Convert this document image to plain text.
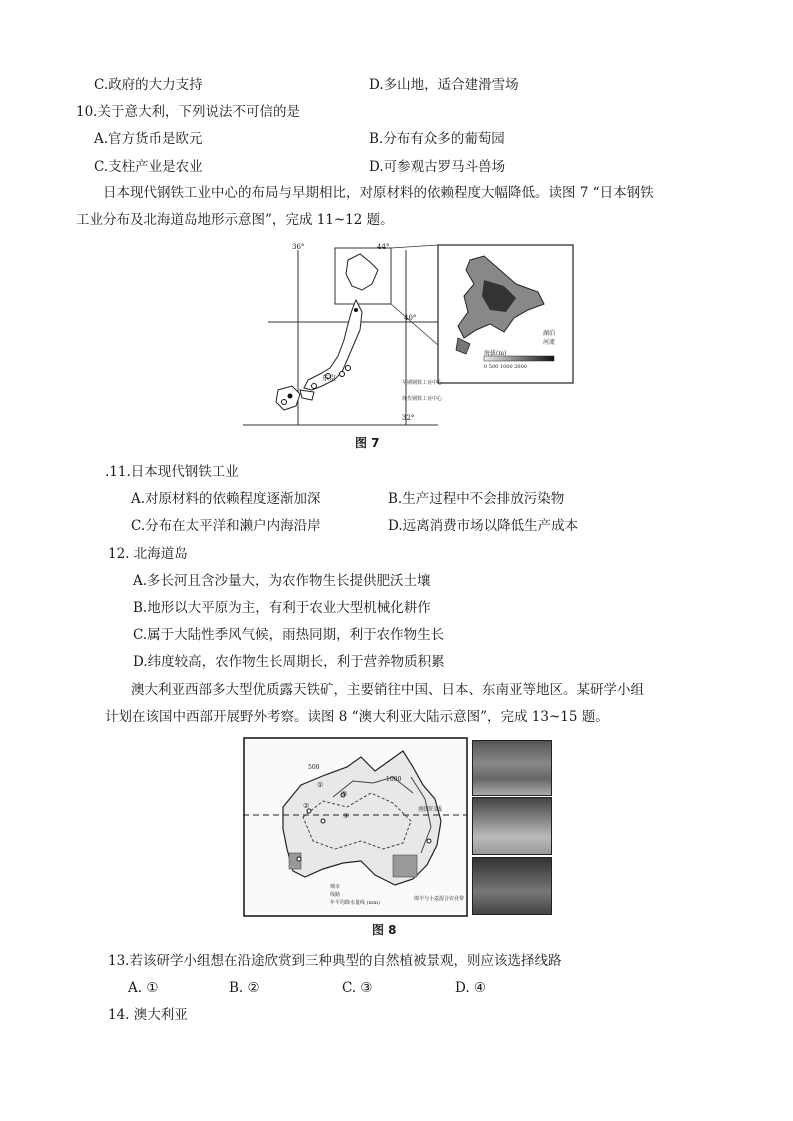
C.政府的大力支持	D.多山地，适合建滑雪场
10.关于意大利，下列说法不可信的是
A.官方货币是欧元	B.分布有众多的葡萄园
C.支柱产业是农业	D.可参观古罗马斗兽场
日本现代钢铁工业中心的布局与早期相比，对原材料的依赖程度大幅降低。读图 7 “日本钢铁
工业分布及北海道岛地形示意图”，完成 11~12 题。
36°	44°
40°
32°
东京
早期钢铁工业中心
现代钢铁工业中心
湖泊
河流
海拔(m)
0 500 1000 2000
图 7
.11.日本现代钢铁工业
A.对原材料的依赖程度逐渐加深	B.生产过程中不会排放污染物
C.分布在太平洋和濑户内海沿岸	D.远离消费市场以降低生产成本
12. 北海道岛
A.多长河且含沙量大，为农作物生长提供肥沃土壤
B.地形以大平原为主，有利于农业大型机械化耕作
C.属于大陆性季风气候，雨热同期，利于农作物生长
D.纬度较高，农作物生长周期长，利于营养物质积累
澳大利亚西部多大型优质露天铁矿，主要销往中国、日本、东南亚等地区。某研学小组
计划在该国中西部开展野外考察。读图 8 “澳大利亚大陆示意图”，完成 13~15 题。
南回归线
1000
500
①
②
③
④
城市
线路
年平均降水量线 (mm)
绵羊与小麦混合农业带
图 8
13.若该研学小组想在沿途欣赏到三种典型的自然植被景观，则应该选择线路
A. ①	B. ②	C. ③	D. ④
14. 澳大利亚
